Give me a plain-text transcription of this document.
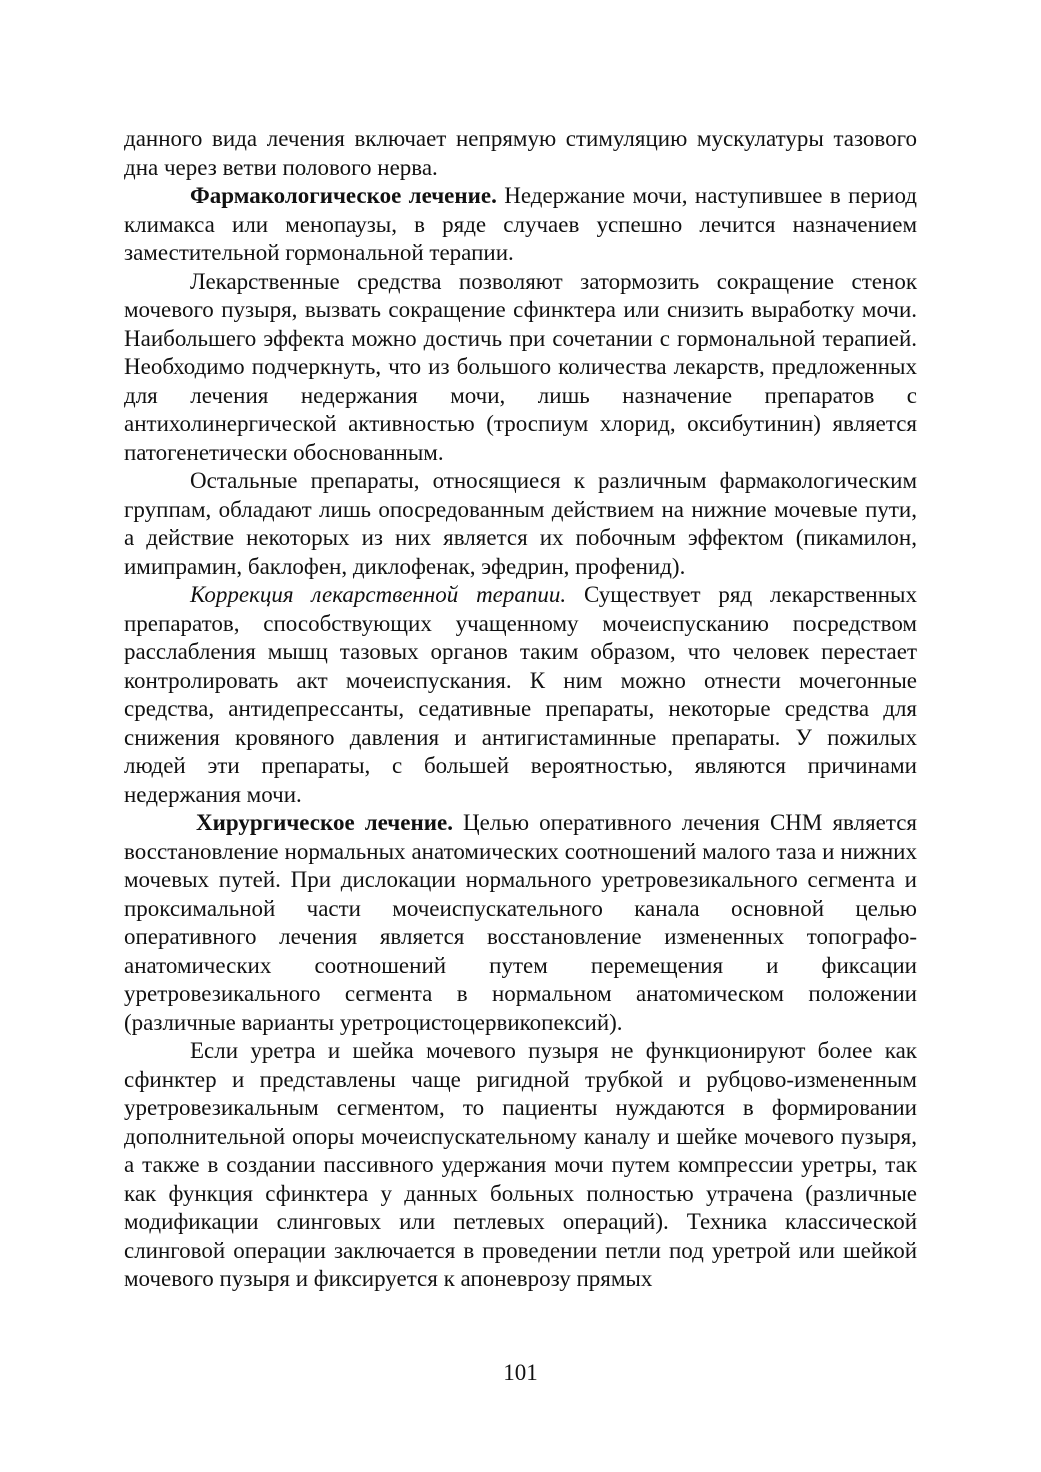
данного вида лечения включает непрямую стимуляцию мускулатуры тазового дна через ветви полового нерва.

Фармакологическое лечение. Недержание мочи, наступившее в период климакса или менопаузы, в ряде случаев успешно лечится назначением заместительной гормональной терапии.

Лекарственные средства позволяют затормозить сокращение стенок мочевого пузыря, вызвать сокращение сфинктера или снизить выработку мочи. Наибольшего эффекта можно достичь при сочетании с гормональной терапией. Необходимо подчеркнуть, что из большого количества лекарств, предложенных для лечения недержания мочи, лишь назначение препаратов с антихолинергической активностью (троспиум хлорид, оксибутинин) является патогенетически обоснованным.

Остальные препараты, относящиеся к различным фармакологическим группам, обладают лишь опосредованным действием на нижние мочевые пути, а действие некоторых из них является их побочным эффектом (пикамилон, имипрамин, баклофен, диклофенак, эфедрин, профенид).

Коррекция лекарственной терапии. Существует ряд лекарственных препаратов, способствующих учащенному мочеиспусканию посредством расслабления мышц тазовых органов таким образом, что человек перестает контролировать акт мочеиспускания. К ним можно отнести мочегонные средства, антидепрессанты, седативные препараты, некоторые средства для снижения кровяного давления и антигистаминные препараты. У пожилых людей эти препараты, с большей вероятностью, являются причинами недержания мочи.

Хирургическое лечение. Целью оперативного лечения СНМ является восстановление нормальных анатомических соотношений малого таза и нижних мочевых путей. При дислокации нормального уретровезикального сегмента и проксимальной части мочеиспускательного канала основной целью оперативного лечения является восстановление измененных топографо-анатомических соотношений путем перемещения и фиксации уретровезикального сегмента в нормальном анатомическом положении (различные варианты уретроцистоцервикопексий).

Если уретра и шейка мочевого пузыря не функционируют более как сфинктер и представлены чаще ригидной трубкой и рубцово-измененным уретровезикальным сегментом, то пациенты нуждаются в формировании дополнительной опоры мочеиспускательному каналу и шейке мочевого пузыря, а также в создании пассивного удержания мочи путем компрессии уретры, так как функция сфинктера у данных больных полностью утрачена (различные модификации слинговых или петлевых операций). Техника классической слинговой операции заключается в проведении петли под уретрой или шейкой мочевого пузыря и фиксируется к апоневрозу прямых

101
